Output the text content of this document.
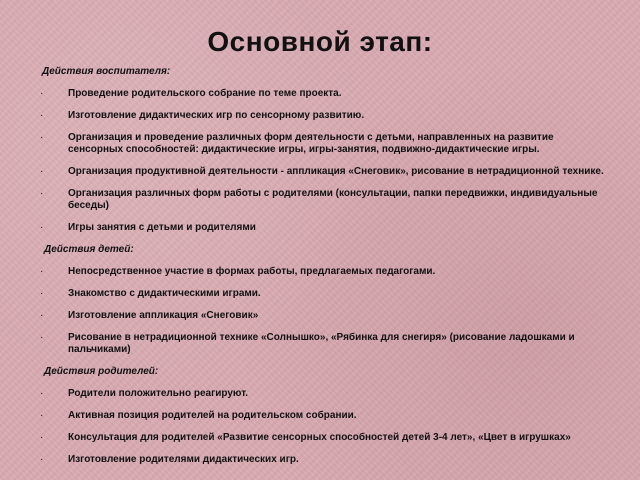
Основной этап:
Действия воспитателя:
· Проведение родительского собрание по теме проекта.
· Изготовление дидактических игр по сенсорному развитию.
· Организация и проведение различных форм деятельности с детьми, направленных на развитие сенсорных способностей: дидактические игры, игры-занятия, подвижно-дидактические игры.
· Организация продуктивной деятельности - аппликация «Снеговик», рисование в нетрадиционной технике.
· Организация различных форм работы с родителями (консультации, папки передвижки, индивидуальные беседы)
· Игры занятия с детьми и родителями
Действия детей:
· Непосредственное участие в формах работы, предлагаемых педагогами.
· Знакомство с дидактическими играми.
· Изготовление аппликация «Снеговик»
· Рисование в нетрадиционной технике «Солнышко», «Рябинка для снегиря» (рисование ладошками и пальчиками)
Действия родителей:
· Родители положительно реагируют.
· Активная позиция родителей на родительском собрании.
· Консультация для родителей «Развитие сенсорных способностей детей 3-4 лет», «Цвет в игрушках»
· Изготовление родителями дидактических игр.
